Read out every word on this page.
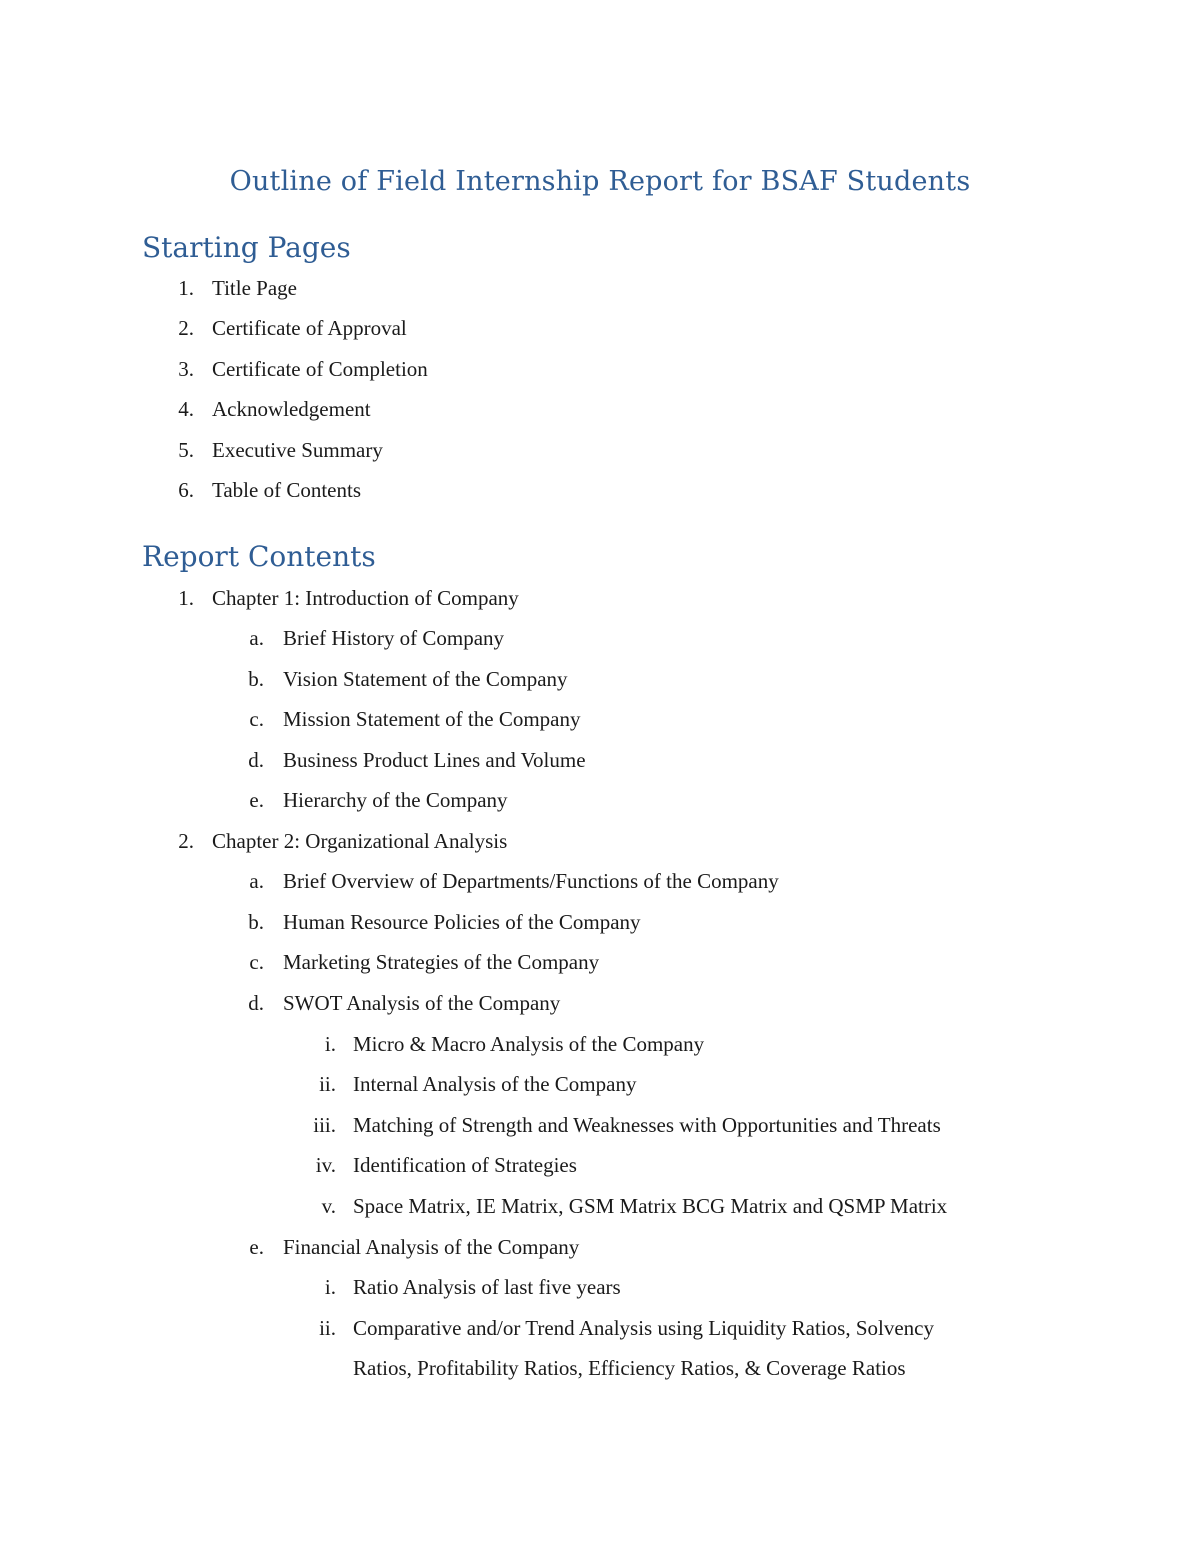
Outline of Field Internship Report for BSAF Students
Starting Pages
1. Title Page
2. Certificate of Approval
3. Certificate of Completion
4. Acknowledgement
5. Executive Summary
6. Table of Contents
Report Contents
1. Chapter 1: Introduction of Company
a. Brief History of Company
b. Vision Statement of the Company
c. Mission Statement of the Company
d. Business Product Lines and Volume
e. Hierarchy of the Company
2. Chapter 2: Organizational Analysis
a. Brief Overview of Departments/Functions of the Company
b. Human Resource Policies of the Company
c. Marketing Strategies of the Company
d. SWOT Analysis of the Company
i. Micro & Macro Analysis of the Company
ii. Internal Analysis of the Company
iii. Matching of Strength and Weaknesses with Opportunities and Threats
iv. Identification of Strategies
v. Space Matrix, IE Matrix, GSM Matrix BCG Matrix and QSMP Matrix
e. Financial Analysis of the Company
i. Ratio Analysis of last five years
ii. Comparative and/or Trend Analysis using Liquidity Ratios, Solvency
Ratios, Profitability Ratios, Efficiency Ratios, & Coverage Ratios
